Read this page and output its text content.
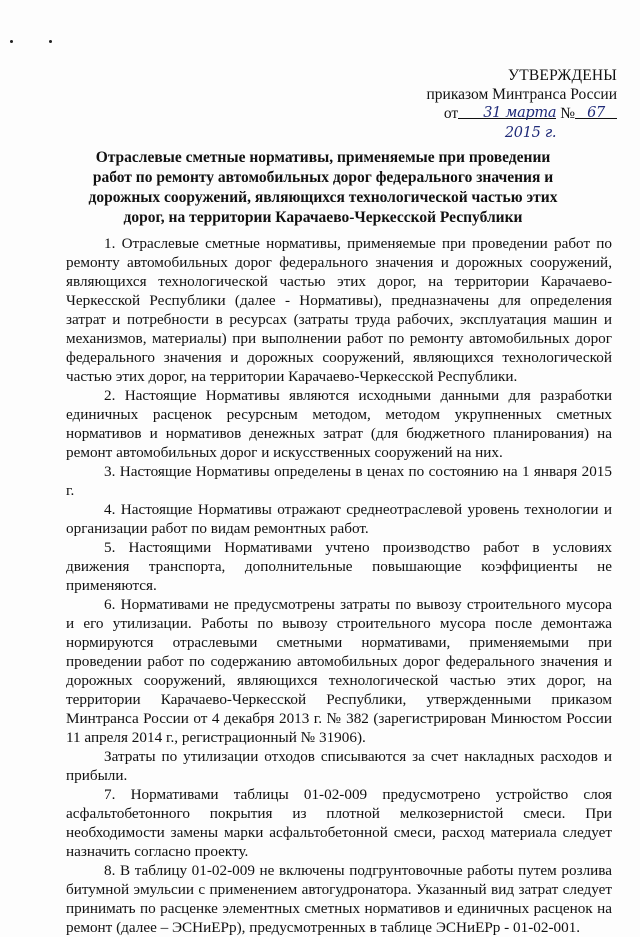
УТВЕРЖДЕНЫ
приказом Минтранса России
от	31 марта 2015 г.
№ 67
Отраслевые сметные нормативы, применяемые при проведении работ по ремонту автомобильных дорог федерального значения и дорожных сооружений, являющихся технологической частью этих дорог, на территории Карачаево-Черкесской Республики

1. Отраслевые сметные нормативы, применяемые при проведении работ по ремонту автомобильных дорог федерального значения и дорожных сооружений, являющихся технологической частью этих дорог, на территории Карачаево-Черкесской Республики (далее - Нормативы), предназначены для определения затрат и потребности в ресурсах (затраты труда рабочих, эксплуатация машин и механизмов, материалы) при выполнении работ по ремонту автомобильных дорог федерального значения и дорожных сооружений, являющихся технологической частью этих дорог, на территории Карачаево-Черкесской Республики.

2. Настоящие Нормативы являются исходными данными для разработки единичных расценок ресурсным методом, методом укрупненных сметных нормативов и нормативов денежных затрат (для бюджетного планирования) на ремонт автомобильных дорог и искусственных сооружений на них.

3. Настоящие Нормативы определены в ценах по состоянию на 1 января 2015 г.

4. Настоящие Нормативы отражают среднеотраслевой уровень технологии и организации работ по видам ремонтных работ.

5. Настоящими Нормативами учтено производство работ в условиях движения транспорта, дополнительные повышающие коэффициенты не применяются.

6. Нормативами не предусмотрены затраты по вывозу строительного мусора и его утилизации. Работы по вывозу строительного мусора после демонтажа нормируются отраслевыми сметными нормативами, применяемыми при проведении работ по содержанию автомобильных дорог федерального значения и дорожных сооружений, являющихся технологической частью этих дорог, на территории Карачаево-Черкесской Республики, утвержденными приказом Минтранса России от 4 декабря 2013 г. № 382 (зарегистрирован Минюстом России 11 апреля 2014 г., регистрационный № 31906).

Затраты по утилизации отходов списываются за счет накладных расходов и прибыли.

7. Нормативами таблицы 01-02-009 предусмотрено устройство слоя асфальтобетонного покрытия из плотной мелкозернистой смеси. При необходимости замены марки асфальтобетонной смеси, расход материала следует назначить согласно проекту.

8. В таблицу 01-02-009 не включены подгрунтовочные работы путем розлива битумной эмульсии с применением автогудронатора. Указанный вид затрат следует принимать по расценке элементных сметных нормативов и единичных расценок на ремонт (далее – ЭСНиЕРр), предусмотренных в таблице ЭСНиЕРр - 01-02-001.
